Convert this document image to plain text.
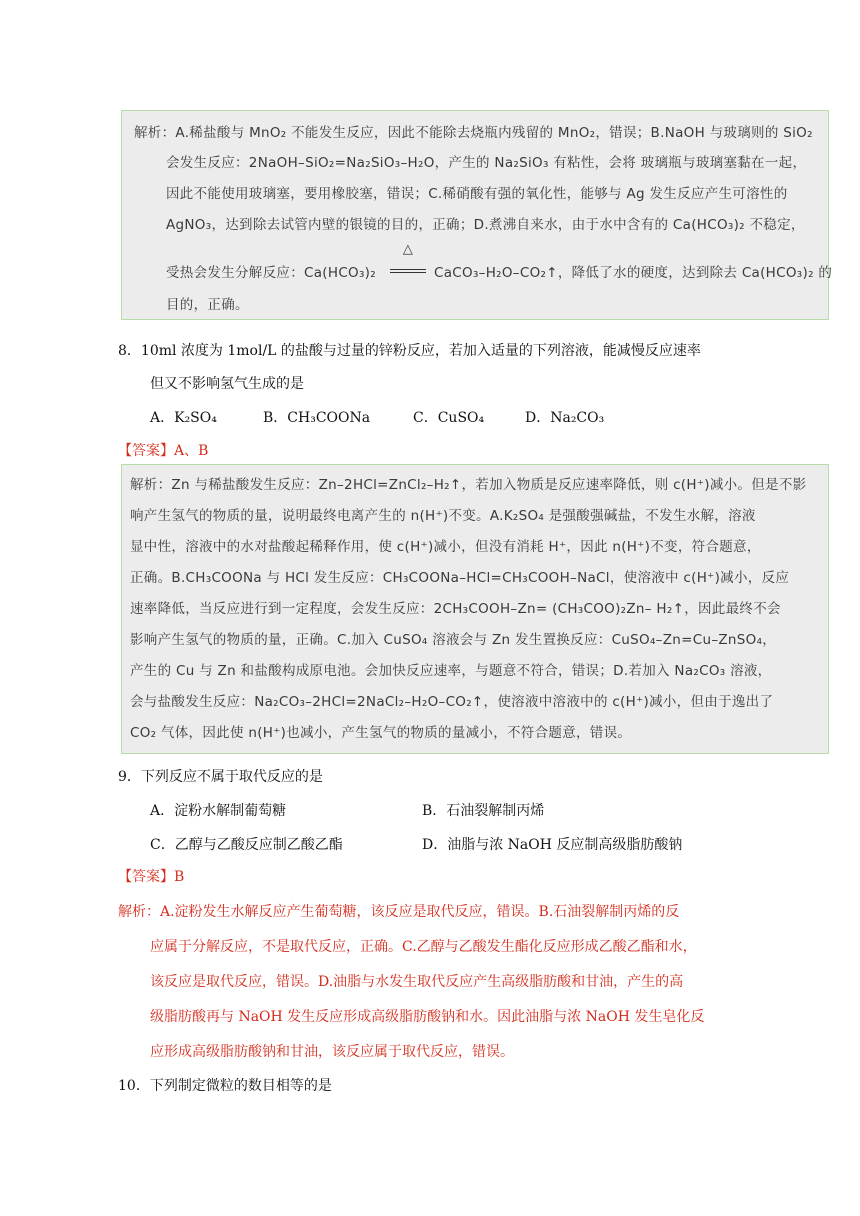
解析：A.稀盐酸与 MnO₂ 不能发生反应，因此不能除去烧瓶内残留的 MnO₂，错误；B.NaOH 与玻璃则的 SiO₂
会发生反应：2NaOH–SiO₂=Na₂SiO₃–H₂O，产生的 Na₂SiO₃ 有粘性，会将 玻璃瓶与玻璃塞黏在一起，
因此不能使用玻璃塞，要用橡胶塞，错误；C.稀硝酸有强的氧化性，能够与 Ag 发生反应产生可溶性的
AgNO₃，达到除去试管内壁的银镜的目的，正确；D.煮沸自来水，由于水中含有的 Ca(HCO₃)₂ 不稳定，
受热会发生分解反应：Ca(HCO₃)₂
△
CaCO₃–H₂O–CO₂↑，降低了水的硬度，达到除去 Ca(HCO₃)₂ 的
目的，正确。
8．10ml 浓度为 1mol/L 的盐酸与过量的锌粉反应，若加入适量的下列溶液，能减慢反应速率
但又不影响氢气生成的是
A．K₂SO₄	B．CH₃COONa	C．CuSO₄	D．Na₂CO₃
【答案】A、B
解析：Zn 与稀盐酸发生反应：Zn–2HCl=ZnCl₂–H₂↑，若加入物质是反应速率降低，则 c(H⁺)减小。但是不影
响产生氢气的物质的量，说明最终电离产生的 n(H⁺)不变。A.K₂SO₄ 是强酸强碱盐，不发生水解，溶液
显中性，溶液中的水对盐酸起稀释作用，使 c(H⁺)减小，但没有消耗 H⁺，因此 n(H⁺)不变，符合题意，
正确。B.CH₃COONa 与 HCl 发生反应：CH₃COONa–HCl=CH₃COOH–NaCl，使溶液中 c(H⁺)减小，反应
速率降低，当反应进行到一定程度，会发生反应：2CH₃COOH–Zn= (CH₃COO)₂Zn– H₂↑，因此最终不会
影响产生氢气的物质的量，正确。C.加入 CuSO₄ 溶液会与 Zn 发生置换反应：CuSO₄–Zn=Cu–ZnSO₄，
产生的 Cu 与 Zn 和盐酸构成原电池。会加快反应速率，与题意不符合，错误；D.若加入 Na₂CO₃ 溶液，
会与盐酸发生反应：Na₂CO₃–2HCl=2NaCl₂–H₂O–CO₂↑，使溶液中溶液中的 c(H⁺)减小，但由于逸出了
CO₂ 气体，因此使 n(H⁺)也减小，产生氢气的物质的量减小，不符合题意，错误。
9．下列反应不属于取代反应的是
A．淀粉水解制葡萄糖	B．石油裂解制丙烯
C．乙醇与乙酸反应制乙酸乙酯	D．油脂与浓 NaOH 反应制高级脂肪酸钠
【答案】B
解析：A.淀粉发生水解反应产生葡萄糖，该反应是取代反应，错误。B.石油裂解制丙烯的反
应属于分解反应，不是取代反应，正确。C.乙醇与乙酸发生酯化反应形成乙酸乙酯和水，
该反应是取代反应，错误。D.油脂与水发生取代反应产生高级脂肪酸和甘油，产生的高
级脂肪酸再与 NaOH 发生反应形成高级脂肪酸钠和水。因此油脂与浓 NaOH 发生皂化反
应形成高级脂肪酸钠和甘油，该反应属于取代反应，错误。
10．下列制定微粒的数目相等的是
